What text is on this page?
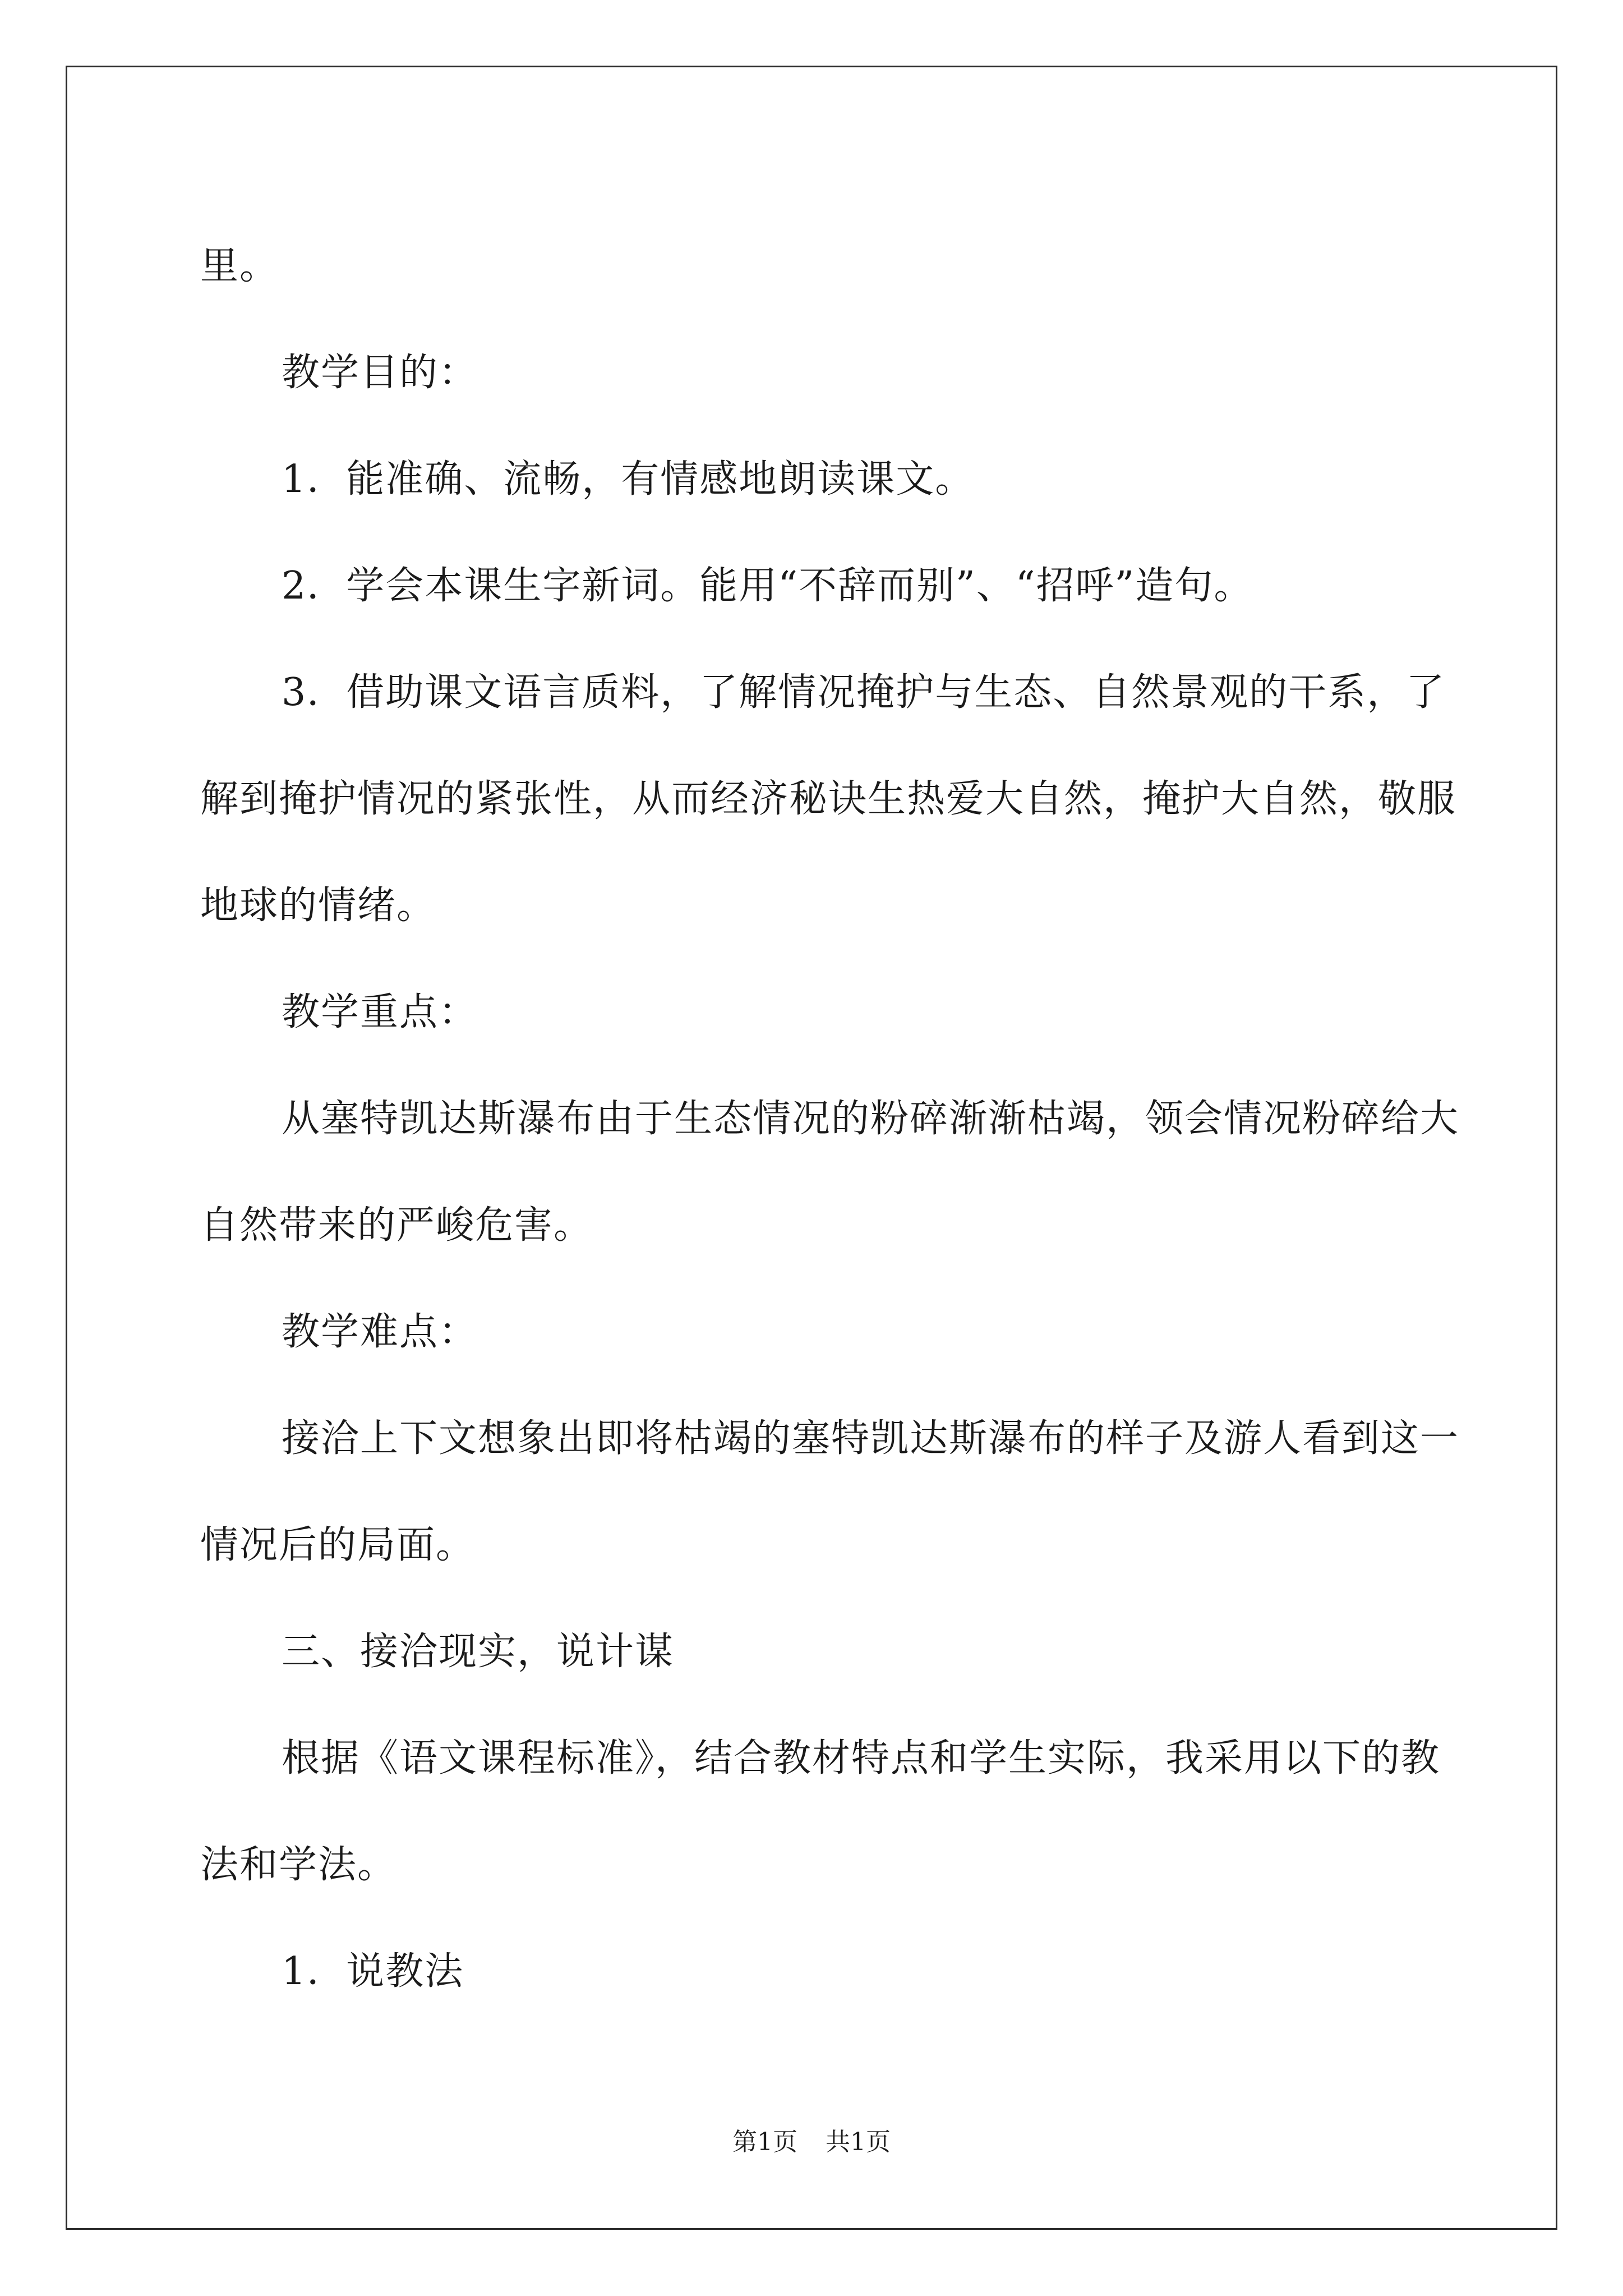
里。

教学目的：

1．能准确、流畅，有情感地朗读课文。

2．学会本课生字新词。能用“不辞而别”、“招呼”造句。

3．借助课文语言质料，了解情况掩护与生态、自然景观的干系，了解到掩护情况的紧张性，从而经济秘诀生热爱大自然，掩护大自然，敬服地球的情绪。

教学重点：

从塞特凯达斯瀑布由于生态情况的粉碎渐渐枯竭，领会情况粉碎给大自然带来的严峻危害。

教学难点：

接洽上下文想象出即将枯竭的塞特凯达斯瀑布的样子及游人看到这一情况后的局面。

三、接洽现实，说计谋

根据《语文课程标准》，结合教材特点和学生实际，我采用以下的教法和学法。

1．说教法

第1页 共1页
